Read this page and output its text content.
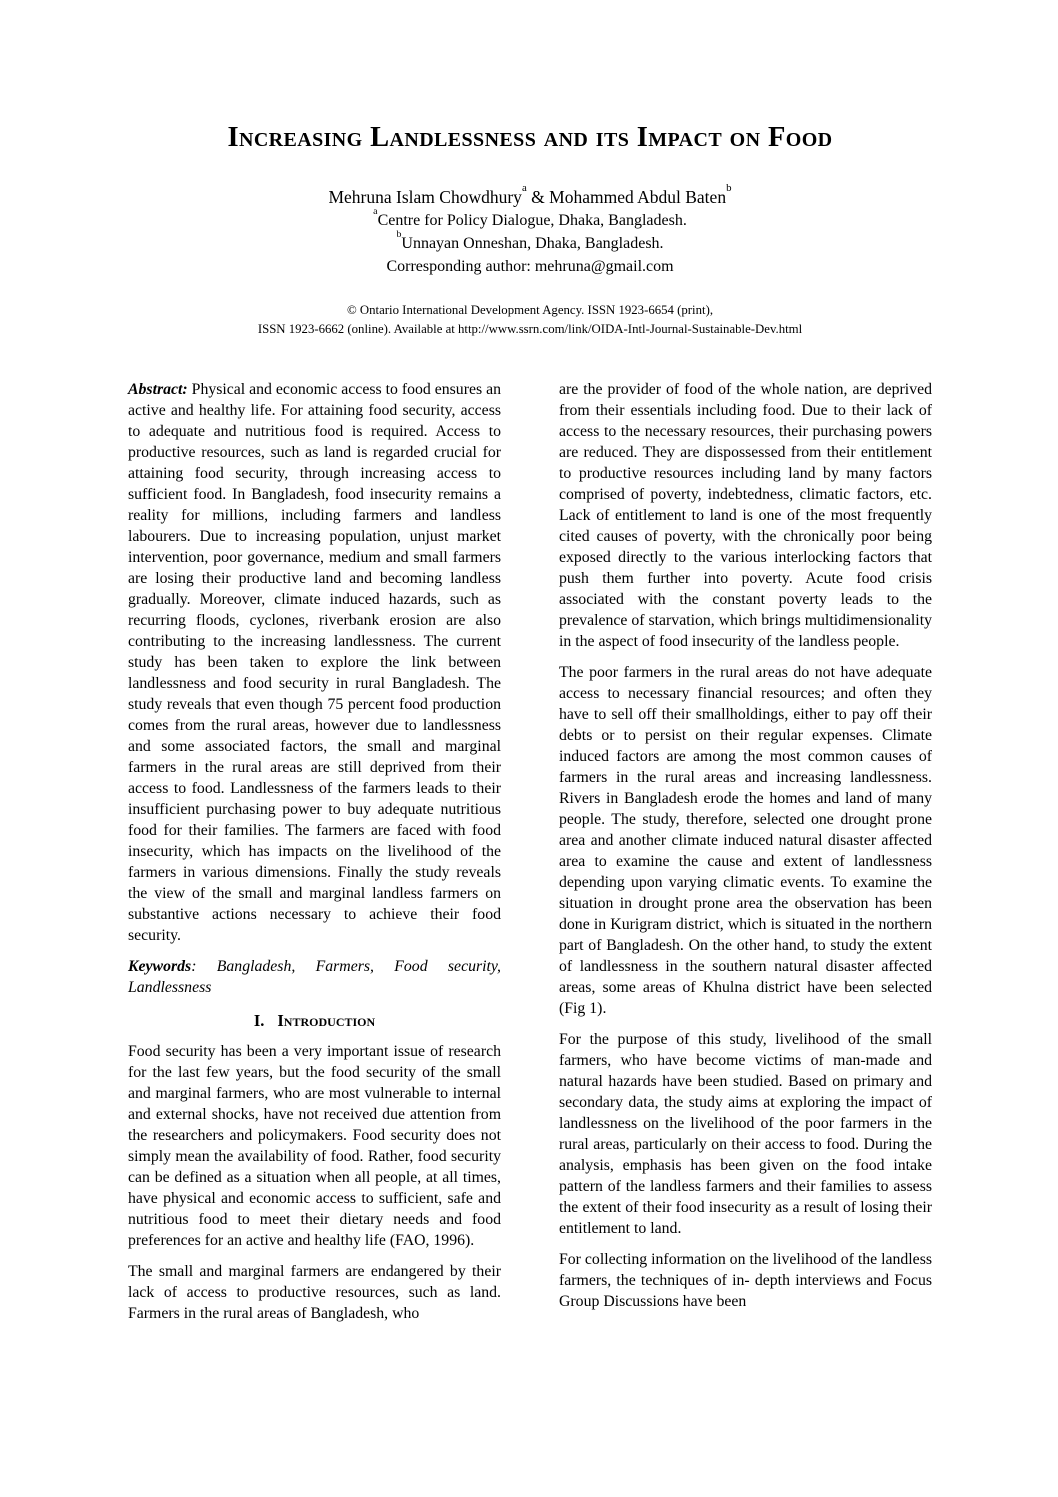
Increasing Landlessness and its Impact on Food
Mehruna Islam Chowdhury$^a$ & Mohammed Abdul Baten$^b$
$^a$Centre for Policy Dialogue, Dhaka, Bangladesh.
$^b$Unnayan Onneshan, Dhaka, Bangladesh.
Corresponding author: mehruna@gmail.com
© Ontario International Development Agency. ISSN 1923-6654 (print),
ISSN 1923-6662 (online). Available at http://www.ssrn.com/link/OIDA-Intl-Journal-Sustainable-Dev.html

Abstract: Physical and economic access to food ensures an active and healthy life. For attaining food security, access to adequate and nutritious food is required. Access to productive resources, such as land is regarded crucial for attaining food security, through increasing access to sufficient food. In Bangladesh, food insecurity remains a reality for millions, including farmers and landless labourers. Due to increasing population, unjust market intervention, poor governance, medium and small farmers are losing their productive land and becoming landless gradually. Moreover, climate induced hazards, such as recurring floods, cyclones, riverbank erosion are also contributing to the increasing landlessness. The current study has been taken to explore the link between landlessness and food security in rural Bangladesh. The study reveals that even though 75 percent food production comes from the rural areas, however due to landlessness and some associated factors, the small and marginal farmers in the rural areas are still deprived from their access to food. Landlessness of the farmers leads to their insufficient purchasing power to buy adequate nutritious food for their families. The farmers are faced with food insecurity, which has impacts on the livelihood of the farmers in various dimensions. Finally the study reveals the view of the small and marginal landless farmers on substantive actions necessary to achieve their food security.

Keywords: Bangladesh, Farmers, Food security, Landlessness

I. Introduction

Food security has been a very important issue of research for the last few years, but the food security of the small and marginal farmers, who are most vulnerable to internal and external shocks, have not received due attention from the researchers and policymakers. Food security does not simply mean the availability of food. Rather, food security can be defined as a situation when all people, at all times, have physical and economic access to sufficient, safe and nutritious food to meet their dietary needs and food preferences for an active and healthy life (FAO, 1996).

The small and marginal farmers are endangered by their lack of access to productive resources, such as land. Farmers in the rural areas of Bangladesh, who

are the provider of food of the whole nation, are deprived from their essentials including food. Due to their lack of access to the necessary resources, their purchasing powers are reduced. They are dispossessed from their entitlement to productive resources including land by many factors comprised of poverty, indebtedness, climatic factors, etc. Lack of entitlement to land is one of the most frequently cited causes of poverty, with the chronically poor being exposed directly to the various interlocking factors that push them further into poverty. Acute food crisis associated with the constant poverty leads to the prevalence of starvation, which brings multidimensionality in the aspect of food insecurity of the landless people.

The poor farmers in the rural areas do not have adequate access to necessary financial resources; and often they have to sell off their smallholdings, either to pay off their debts or to persist on their regular expenses. Climate induced factors are among the most common causes of farmers in the rural areas and increasing landlessness. Rivers in Bangladesh erode the homes and land of many people. The study, therefore, selected one drought prone area and another climate induced natural disaster affected area to examine the cause and extent of landlessness depending upon varying climatic events. To examine the situation in drought prone area the observation has been done in Kurigram district, which is situated in the northern part of Bangladesh. On the other hand, to study the extent of landlessness in the southern natural disaster affected areas, some areas of Khulna district have been selected (Fig 1).

For the purpose of this study, livelihood of the small farmers, who have become victims of man-made and natural hazards have been studied. Based on primary and secondary data, the study aims at exploring the impact of landlessness on the livelihood of the poor farmers in the rural areas, particularly on their access to food. During the analysis, emphasis has been given on the food intake pattern of the landless farmers and their families to assess the extent of their food insecurity as a result of losing their entitlement to land.

For collecting information on the livelihood of the landless farmers, the techniques of in- depth interviews and Focus Group Discussions have been
